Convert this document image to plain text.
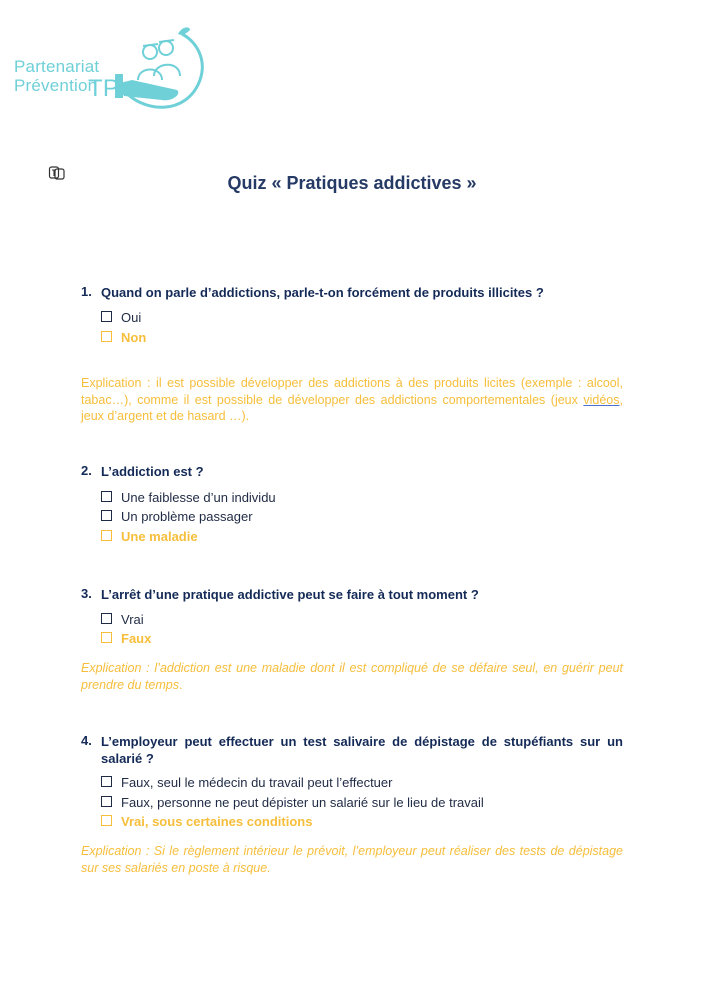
Partenariat
Prévention
TP
Quiz « Pratiques addictives »
1. Quand on parle d’addictions, parle-t-on forcément de produits illicites ?
Oui
Non
Explication : il est possible développer des addictions à des produits licites (exemple : alcool, tabac…), comme il est possible de développer des addictions comportementales (jeux vidéos, jeux d’argent et de hasard …).
2. L’addiction est ?
Une faiblesse d’un individu
Un problème passager
Une maladie
3. L’arrêt d’une pratique addictive peut se faire à tout moment ?
Vrai
Faux
Explication : l’addiction est une maladie dont il est compliqué de se défaire seul, en guérir peut prendre du temps.
4. L’employeur peut effectuer un test salivaire de dépistage de stupéfiants sur un salarié ?
Faux, seul le médecin du travail peut l’effectuer
Faux, personne ne peut dépister un salarié sur le lieu de travail
Vrai, sous certaines conditions
Explication : Si le règlement intérieur le prévoit, l’employeur peut réaliser des tests de dépistage sur ses salariés en poste à risque.
